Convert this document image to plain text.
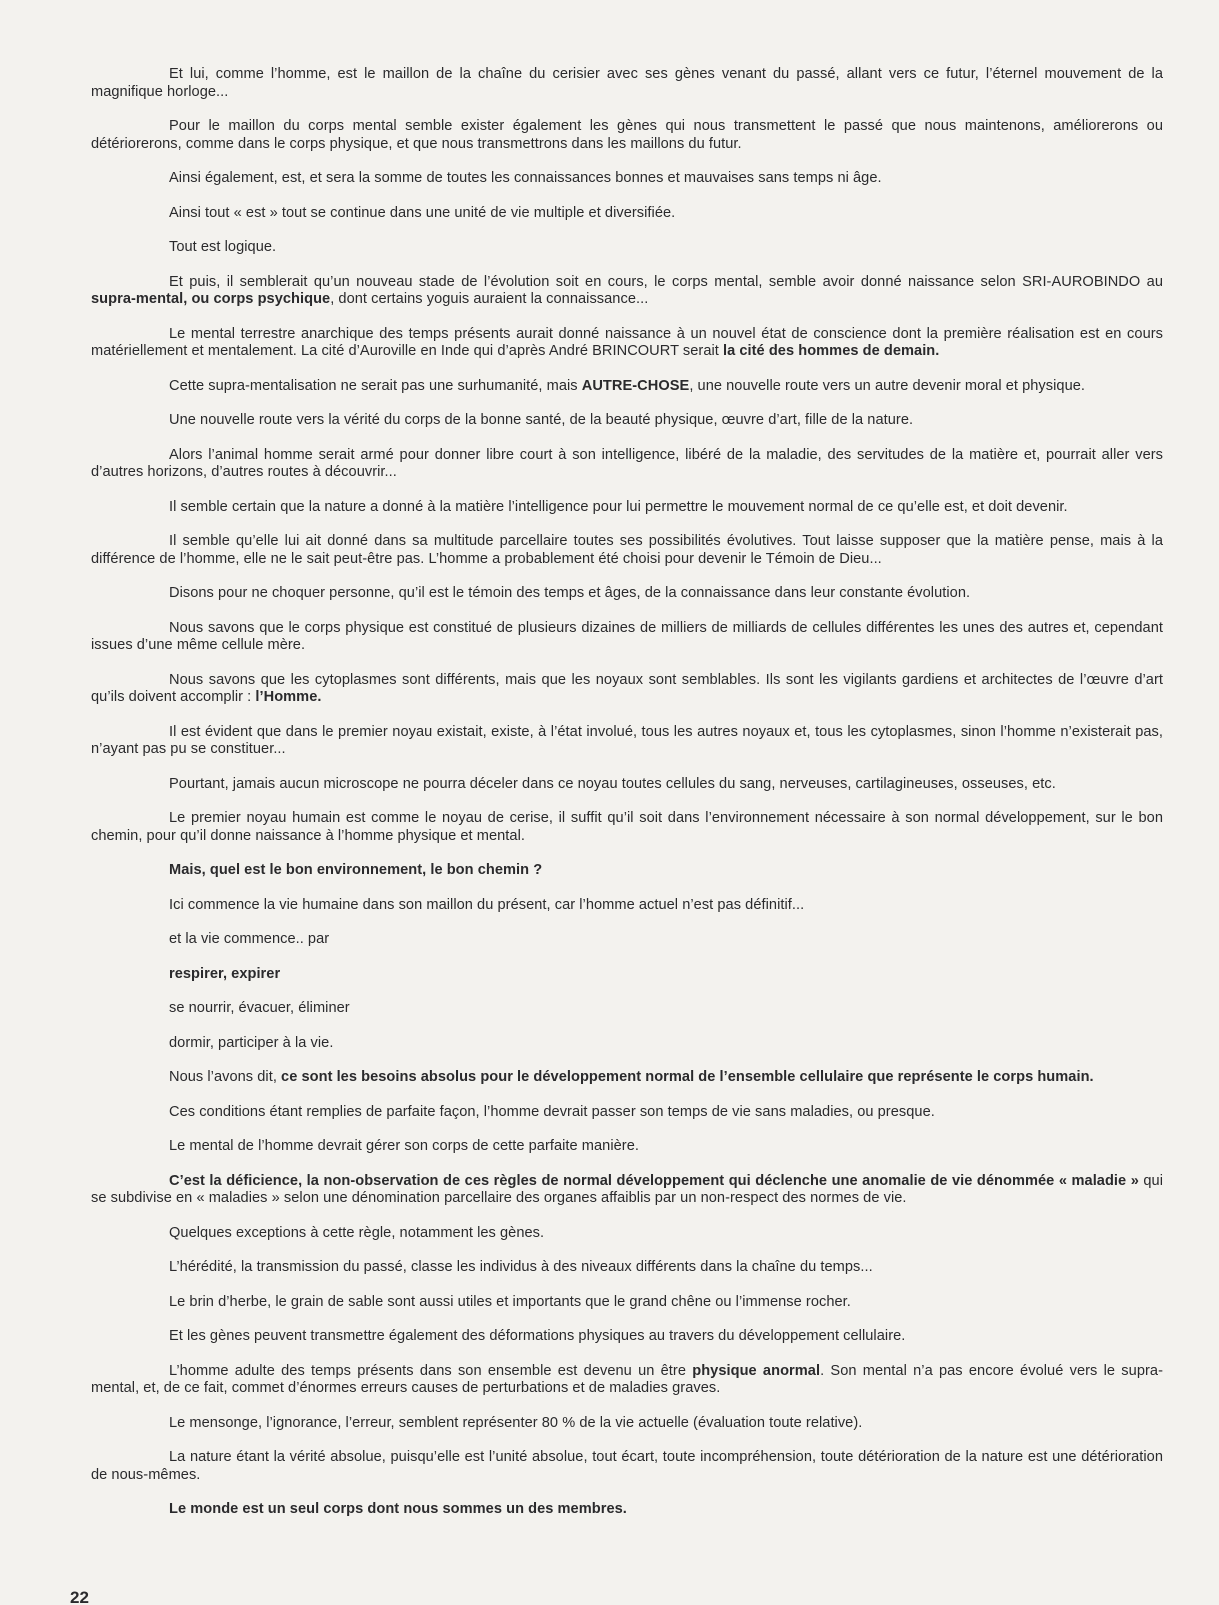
Et lui, comme l’homme, est le maillon de la chaîne du cerisier avec ses gènes venant du passé, allant vers ce futur, l’éternel mouvement de la magnifique horloge...

Pour le maillon du corps mental semble exister également les gènes qui nous transmettent le passé que nous maintenons, améliorerons ou détériorerons, comme dans le corps physique, et que nous transmettrons dans les maillons du futur.

Ainsi également, est, et sera la somme de toutes les connaissances bonnes et mauvaises sans temps ni âge.

Ainsi tout « est » tout se continue dans une unité de vie multiple et diversifiée.

Tout est logique.

Et puis, il semblerait qu’un nouveau stade de l’évolution soit en cours, le corps mental, semble avoir donné naissance selon SRI-AUROBINDO au supra-mental, ou corps psychique, dont certains yoguis auraient la connaissance...

Le mental terrestre anarchique des temps présents aurait donné naissance à un nouvel état de conscience dont la première réalisation est en cours matériellement et mentalement. La cité d’Auroville en Inde qui d’après André BRINCOURT serait la cité des hommes de demain.

Cette supra-mentalisation ne serait pas une surhumanité, mais AUTRE-CHOSE, une nouvelle route vers un autre devenir moral et physique.

Une nouvelle route vers la vérité du corps de la bonne santé, de la beauté physique, œuvre d’art, fille de la nature.

Alors l’animal homme serait armé pour donner libre court à son intelligence, libéré de la maladie, des servitudes de la matière et, pourrait aller vers d’autres horizons, d’autres routes à découvrir...

Il semble certain que la nature a donné à la matière l’intelligence pour lui permettre le mouvement normal de ce qu’elle est, et doit devenir.

Il semble qu’elle lui ait donné dans sa multitude parcellaire toutes ses possibilités évolutives. Tout laisse supposer que la matière pense, mais à la différence de l’homme, elle ne le sait peut-être pas. L’homme a probablement été choisi pour devenir le Témoin de Dieu...

Disons pour ne choquer personne, qu’il est le témoin des temps et âges, de la connaissance dans leur constante évolution.

Nous savons que le corps physique est constitué de plusieurs dizaines de milliers de milliards de cellules différentes les unes des autres et, cependant issues d’une même cellule mère.

Nous savons que les cytoplasmes sont différents, mais que les noyaux sont semblables. Ils sont les vigilants gardiens et architectes de l’œuvre d’art qu’ils doivent accomplir : l’Homme.

Il est évident que dans le premier noyau existait, existe, à l’état involué, tous les autres noyaux et, tous les cytoplasmes, sinon l’homme n’existerait pas, n’ayant pas pu se constituer...

Pourtant, jamais aucun microscope ne pourra déceler dans ce noyau toutes cellules du sang, nerveuses, cartilagineuses, osseuses, etc.

Le premier noyau humain est comme le noyau de cerise, il suffit qu’il soit dans l’environnement nécessaire à son normal développement, sur le bon chemin, pour qu’il donne naissance à l’homme physique et mental.

Mais, quel est le bon environnement, le bon chemin ?

Ici commence la vie humaine dans son maillon du présent, car l’homme actuel n’est pas définitif...

et la vie commence.. par

respirer, expirer

se nourrir, évacuer, éliminer

dormir, participer à la vie.

Nous l’avons dit, ce sont les besoins absolus pour le développement normal de l’ensemble cellulaire que représente le corps humain.

Ces conditions étant remplies de parfaite façon, l’homme devrait passer son temps de vie sans maladies, ou presque.

Le mental de l’homme devrait gérer son corps de cette parfaite manière.

C’est la déficience, la non-observation de ces règles de normal développement qui déclenche une anomalie de vie dénommée « maladie » qui se subdivise en « maladies » selon une dénomination parcellaire des organes affaiblis par un non-respect des normes de vie.

Quelques exceptions à cette règle, notamment les gènes.

L’hérédité, la transmission du passé, classe les individus à des niveaux différents dans la chaîne du temps...

Le brin d’herbe, le grain de sable sont aussi utiles et importants que le grand chêne ou l’immense rocher.

Et les gènes peuvent transmettre également des déformations physiques au travers du développement cellulaire.

L’homme adulte des temps présents dans son ensemble est devenu un être physique anormal. Son mental n’a pas encore évolué vers le supra-mental, et, de ce fait, commet d’énormes erreurs causes de perturbations et de maladies graves.

Le mensonge, l’ignorance, l’erreur, semblent représenter 80 % de la vie actuelle (évaluation toute relative).

La nature étant la vérité absolue, puisqu’elle est l’unité absolue, tout écart, toute incompréhension, toute détérioration de la nature est une détérioration de nous-mêmes.

Le monde est un seul corps dont nous sommes un des membres.

22
